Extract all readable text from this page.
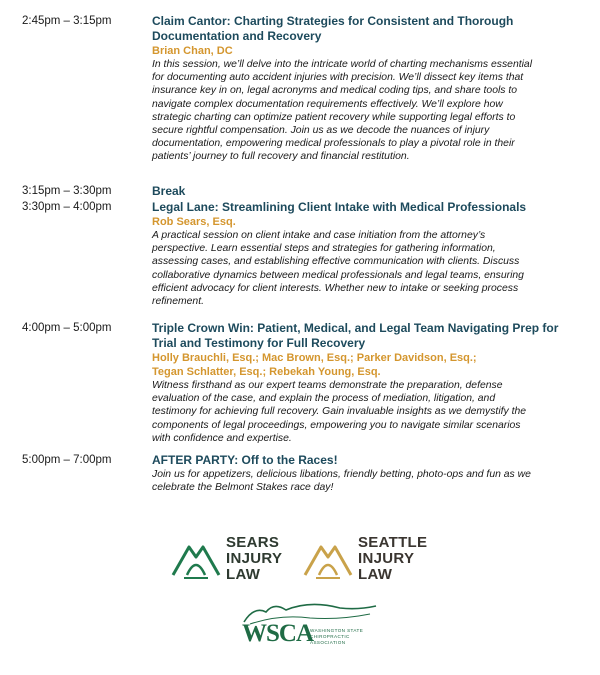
2:45pm – 3:15pm	Claim Cantor: Charting Strategies for Consistent and Thorough
Documentation and Recovery
Brian Chan, DC
In this session, we’ll delve into the intricate world of charting mechanisms essential
for documenting auto accident injuries with precision. We’ll dissect key items that
insurance key in on, legal acronyms and medical coding tips, and share tools to
navigate complex documentation requirements effectively. We’ll explore how
strategic charting can optimize patient recovery while supporting legal efforts to
secure rightful compensation. Join us as we decode the nuances of injury
documentation, empowering medical professionals to play a pivotal role in their
patients’ journey to full recovery and financial restitution.
3:15pm – 3:30pm	Break
3:30pm – 4:00pm	Legal Lane: Streamlining Client Intake with Medical Professionals
Rob Sears, Esq.
A practical session on client intake and case initiation from the attorney’s
perspective. Learn essential steps and strategies for gathering information,
assessing cases, and establishing effective communication with clients. Discuss
collaborative dynamics between medical professionals and legal teams, ensuring
efficient advocacy for client interests. Whether new to intake or seeking process
refinement.
4:00pm – 5:00pm	Triple Crown Win: Patient, Medical, and Legal Team Navigating Prep for
Trial and Testimony for Full Recovery
Holly Brauchli, Esq.; Mac Brown, Esq.; Parker Davidson, Esq.;
Tegan Schlatter, Esq.; Rebekah Young, Esq.
Witness firsthand as our expert teams demonstrate the preparation, defense
evaluation of the case, and explain the process of mediation, litigation, and
testimony for achieving full recovery. Gain invaluable insights as we demystify the
components of legal proceedings, empowering you to navigate similar scenarios
with confidence and expertise.
5:00pm – 7:00pm	AFTER PARTY: Off to the Races!
Join us for appetizers, delicious libations, friendly betting, photo-ops and fun as we
celebrate the Belmont Stakes race day!
SEARS
INJURY
LAW
SEATTLE
INJURY
LAW
WSCA
WASHINGTON STATE
CHIROPRACTIC
ASSOCIATION
